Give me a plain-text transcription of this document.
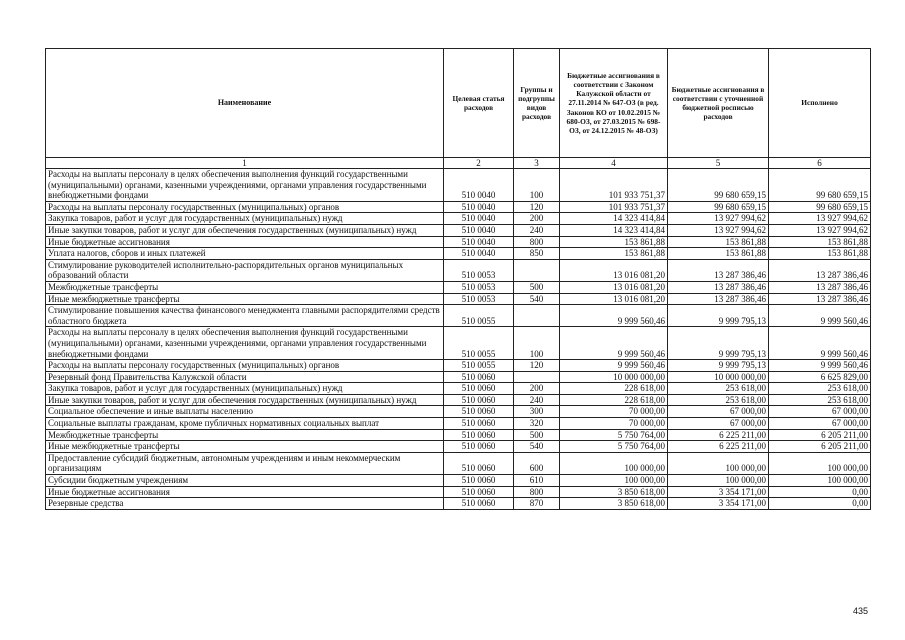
Наименование	Целевая статья расходов	Группы и подгруппы видов расходов	Бюджетные ассигнования в соответствии с Законом Калужской области от 27.11.2014 № 647-ОЗ (в ред. Законов КО от 10.02.2015 № 680-ОЗ, от 27.03.2015 № 698-ОЗ, от 24.12.2015 № 48-ОЗ)	Бюджетные ассигнования в соответствии с уточненной бюджетной росписью расходов	Исполнено
1	2	3	4	5	6
Расходы на выплаты персоналу в целях обеспечения выполнения функций государственными (муниципальными) органами, казенными учреждениями, органами управления государственными внебюджетными фондами	510 0040	100	101 933 751,37	99 680 659,15	99 680 659,15
Расходы на выплаты персоналу государственных (муниципальных) органов	510 0040	120	101 933 751,37	99 680 659,15	99 680 659,15
Закупка товаров, работ и услуг для государственных (муниципальных) нужд	510 0040	200	14 323 414,84	13 927 994,62	13 927 994,62
Иные закупки товаров, работ и услуг для обеспечения государственных (муниципальных) нужд	510 0040	240	14 323 414,84	13 927 994,62	13 927 994,62
Иные бюджетные ассигнования	510 0040	800	153 861,88	153 861,88	153 861,88
Уплата налогов, сборов и иных платежей	510 0040	850	153 861,88	153 861,88	153 861,88
Стимулирование руководителей исполнительно-распорядительных органов муниципальных образований области	510 0053		13 016 081,20	13 287 386,46	13 287 386,46
Межбюджетные трансферты	510 0053	500	13 016 081,20	13 287 386,46	13 287 386,46
Иные межбюджетные трансферты	510 0053	540	13 016 081,20	13 287 386,46	13 287 386,46
Стимулирование повышения качества финансового менеджмента главными распорядителями средств областного бюджета	510 0055		9 999 560,46	9 999 795,13	9 999 560,46
Расходы на выплаты персоналу в целях обеспечения выполнения функций государственными (муниципальными) органами, казенными учреждениями, органами управления государственными внебюджетными фондами	510 0055	100	9 999 560,46	9 999 795,13	9 999 560,46
Расходы на выплаты персоналу государственных (муниципальных) органов	510 0055	120	9 999 560,46	9 999 795,13	9 999 560,46
Резервный фонд Правительства Калужской области	510 0060		10 000 000,00	10 000 000,00	6 625 829,00
Закупка товаров, работ и услуг для государственных (муниципальных) нужд	510 0060	200	228 618,00	253 618,00	253 618,00
Иные закупки товаров, работ и услуг для обеспечения государственных (муниципальных) нужд	510 0060	240	228 618,00	253 618,00	253 618,00
Социальное обеспечение и иные выплаты населению	510 0060	300	70 000,00	67 000,00	67 000,00
Социальные выплаты гражданам, кроме публичных нормативных социальных выплат	510 0060	320	70 000,00	67 000,00	67 000,00
Межбюджетные трансферты	510 0060	500	5 750 764,00	6 225 211,00	6 205 211,00
Иные межбюджетные трансферты	510 0060	540	5 750 764,00	6 225 211,00	6 205 211,00
Предоставление субсидий бюджетным, автономным учреждениям и иным некоммерческим организациям	510 0060	600	100 000,00	100 000,00	100 000,00
Субсидии бюджетным учреждениям	510 0060	610	100 000,00	100 000,00	100 000,00
Иные бюджетные ассигнования	510 0060	800	3 850 618,00	3 354 171,00	0,00
Резервные средства	510 0060	870	3 850 618,00	3 354 171,00	0,00
435
